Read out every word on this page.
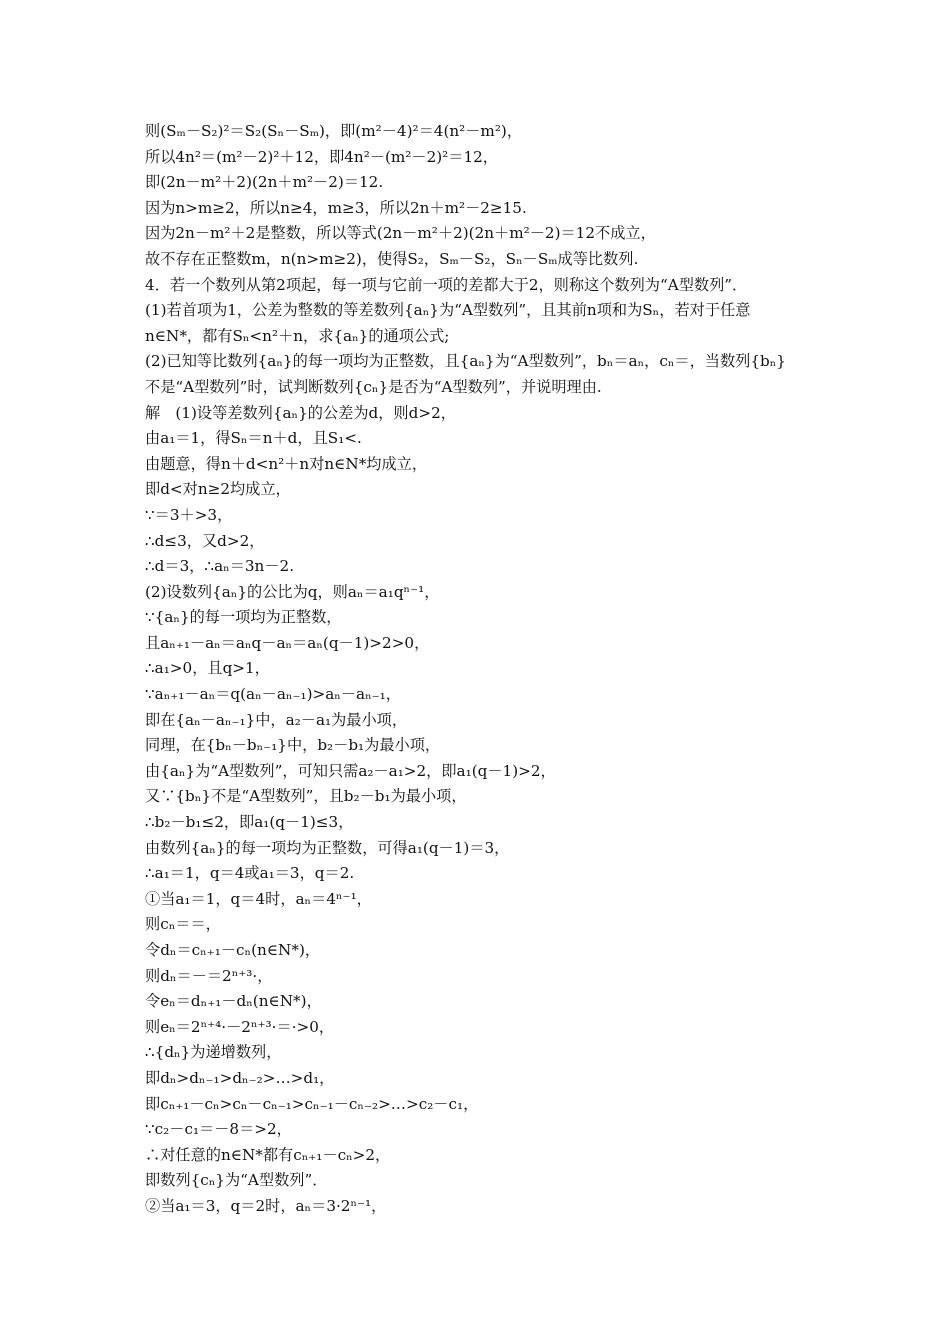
则(Sₘ－S₂)²＝S₂(Sₙ－Sₘ)，即(m²－4)²＝4(n²－m²)，
所以4n²＝(m²－2)²＋12，即4n²－(m²－2)²＝12，
即(2n－m²＋2)(2n＋m²－2)＝12.
因为n>m≥2，所以n≥4，m≥3，所以2n＋m²－2≥15.
因为2n－m²＋2是整数，所以等式(2n－m²＋2)(2n＋m²－2)＝12不成立，
故不存在正整数m，n(n>m≥2)，使得S₂，Sₘ－S₂，Sₙ－Sₘ成等比数列.
4．若一个数列从第2项起，每一项与它前一项的差都大于2，则称这个数列为“A型数列”．
(1)若首项为1，公差为整数的等差数列{aₙ}为“A型数列”，且其前n项和为Sₙ，若对于任意
n∈N*，都有Sₙ<n²＋n，求{aₙ}的通项公式;
(2)已知等比数列{aₙ}的每一项均为正整数，且{aₙ}为“A型数列”，bₙ＝aₙ，cₙ＝，当数列{bₙ}
不是“A型数列”时，试判断数列{cₙ}是否为“A型数列”，并说明理由.
解　(1)设等差数列{aₙ}的公差为d，则d>2，
由a₁＝1，得Sₙ＝n＋d，且S₁<.
由题意，得n＋d<n²＋n对n∈N*均成立，
即d<对n≥2均成立，
∵＝3＋>3，
∴d≤3，又d>2，
∴d＝3，∴aₙ＝3n－2.
(2)设数列{aₙ}的公比为q，则aₙ＝a₁qⁿ⁻¹，
∵{aₙ}的每一项均为正整数，
且aₙ₊₁－aₙ＝aₙq－aₙ＝aₙ(q－1)>2>0，
∴a₁>0，且q>1，
∵aₙ₊₁－aₙ＝q(aₙ－aₙ₋₁)>aₙ－aₙ₋₁，
即在{aₙ－aₙ₋₁}中，a₂－a₁为最小项，
同理，在{bₙ－bₙ₋₁}中，b₂－b₁为最小项，
由{aₙ}为“A型数列”，可知只需a₂－a₁>2，即a₁(q－1)>2，
又∵{bₙ}不是“A型数列”，且b₂－b₁为最小项，
∴b₂－b₁≤2，即a₁(q－1)≤3，
由数列{aₙ}的每一项均为正整数，可得a₁(q－1)＝3，
∴a₁＝1，q＝4或a₁＝3，q＝2.
①当a₁＝1，q＝4时，aₙ＝4ⁿ⁻¹，
则cₙ＝＝，
令dₙ＝cₙ₊₁－cₙ(n∈N*)，
则dₙ＝－＝2ⁿ⁺³·，
令eₙ＝dₙ₊₁－dₙ(n∈N*)，
则eₙ＝2ⁿ⁺⁴·－2ⁿ⁺³·＝·>0，
∴{dₙ}为递增数列，
即dₙ>dₙ₋₁>dₙ₋₂>…>d₁，
即cₙ₊₁－cₙ>cₙ－cₙ₋₁>cₙ₋₁－cₙ₋₂>…>c₂－c₁，
∵c₂－c₁＝－8＝>2，
∴对任意的n∈N*都有cₙ₊₁－cₙ>2，
即数列{cₙ}为“A型数列”．
②当a₁＝3，q＝2时，aₙ＝3·2ⁿ⁻¹，
